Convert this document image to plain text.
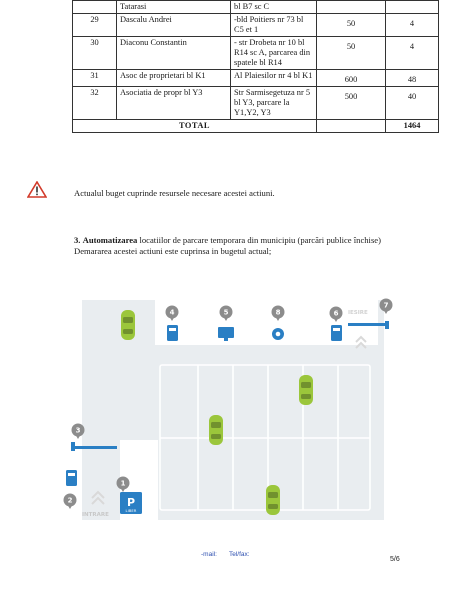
	Tatarasi	bl B7 sc C		
29	Dascalu Andrei	-bld Poitiers nr 73 bl C5 et 1	50	4
30	Diaconu Constantin	- str Drobeta nr 10 bl R14 sc A, parcarea din spatele bl R14	50	4
31	Asoc de proprietari bl K1	Al Plaiesilor nr 4 bl K1	600	48
32	Asociatia de propr bl Y3	Str Sarmisegetuza nr 5 bl Y3, parcare la Y1,Y2, Y3	500	40
TOTAL				1464
Actualul buget cuprinde resursele necesare acestei actiuni.
3. Automatizarea locatiilor de parcare temporara din municipiu (parcări publice închise)
Demararea acestei actiuni este cuprinsa in bugetul actual;
IESIRE
INTRARE
P
LIBER
1
2
3
4	5	6
7
8
-mail: Tel/fax:
5/6
